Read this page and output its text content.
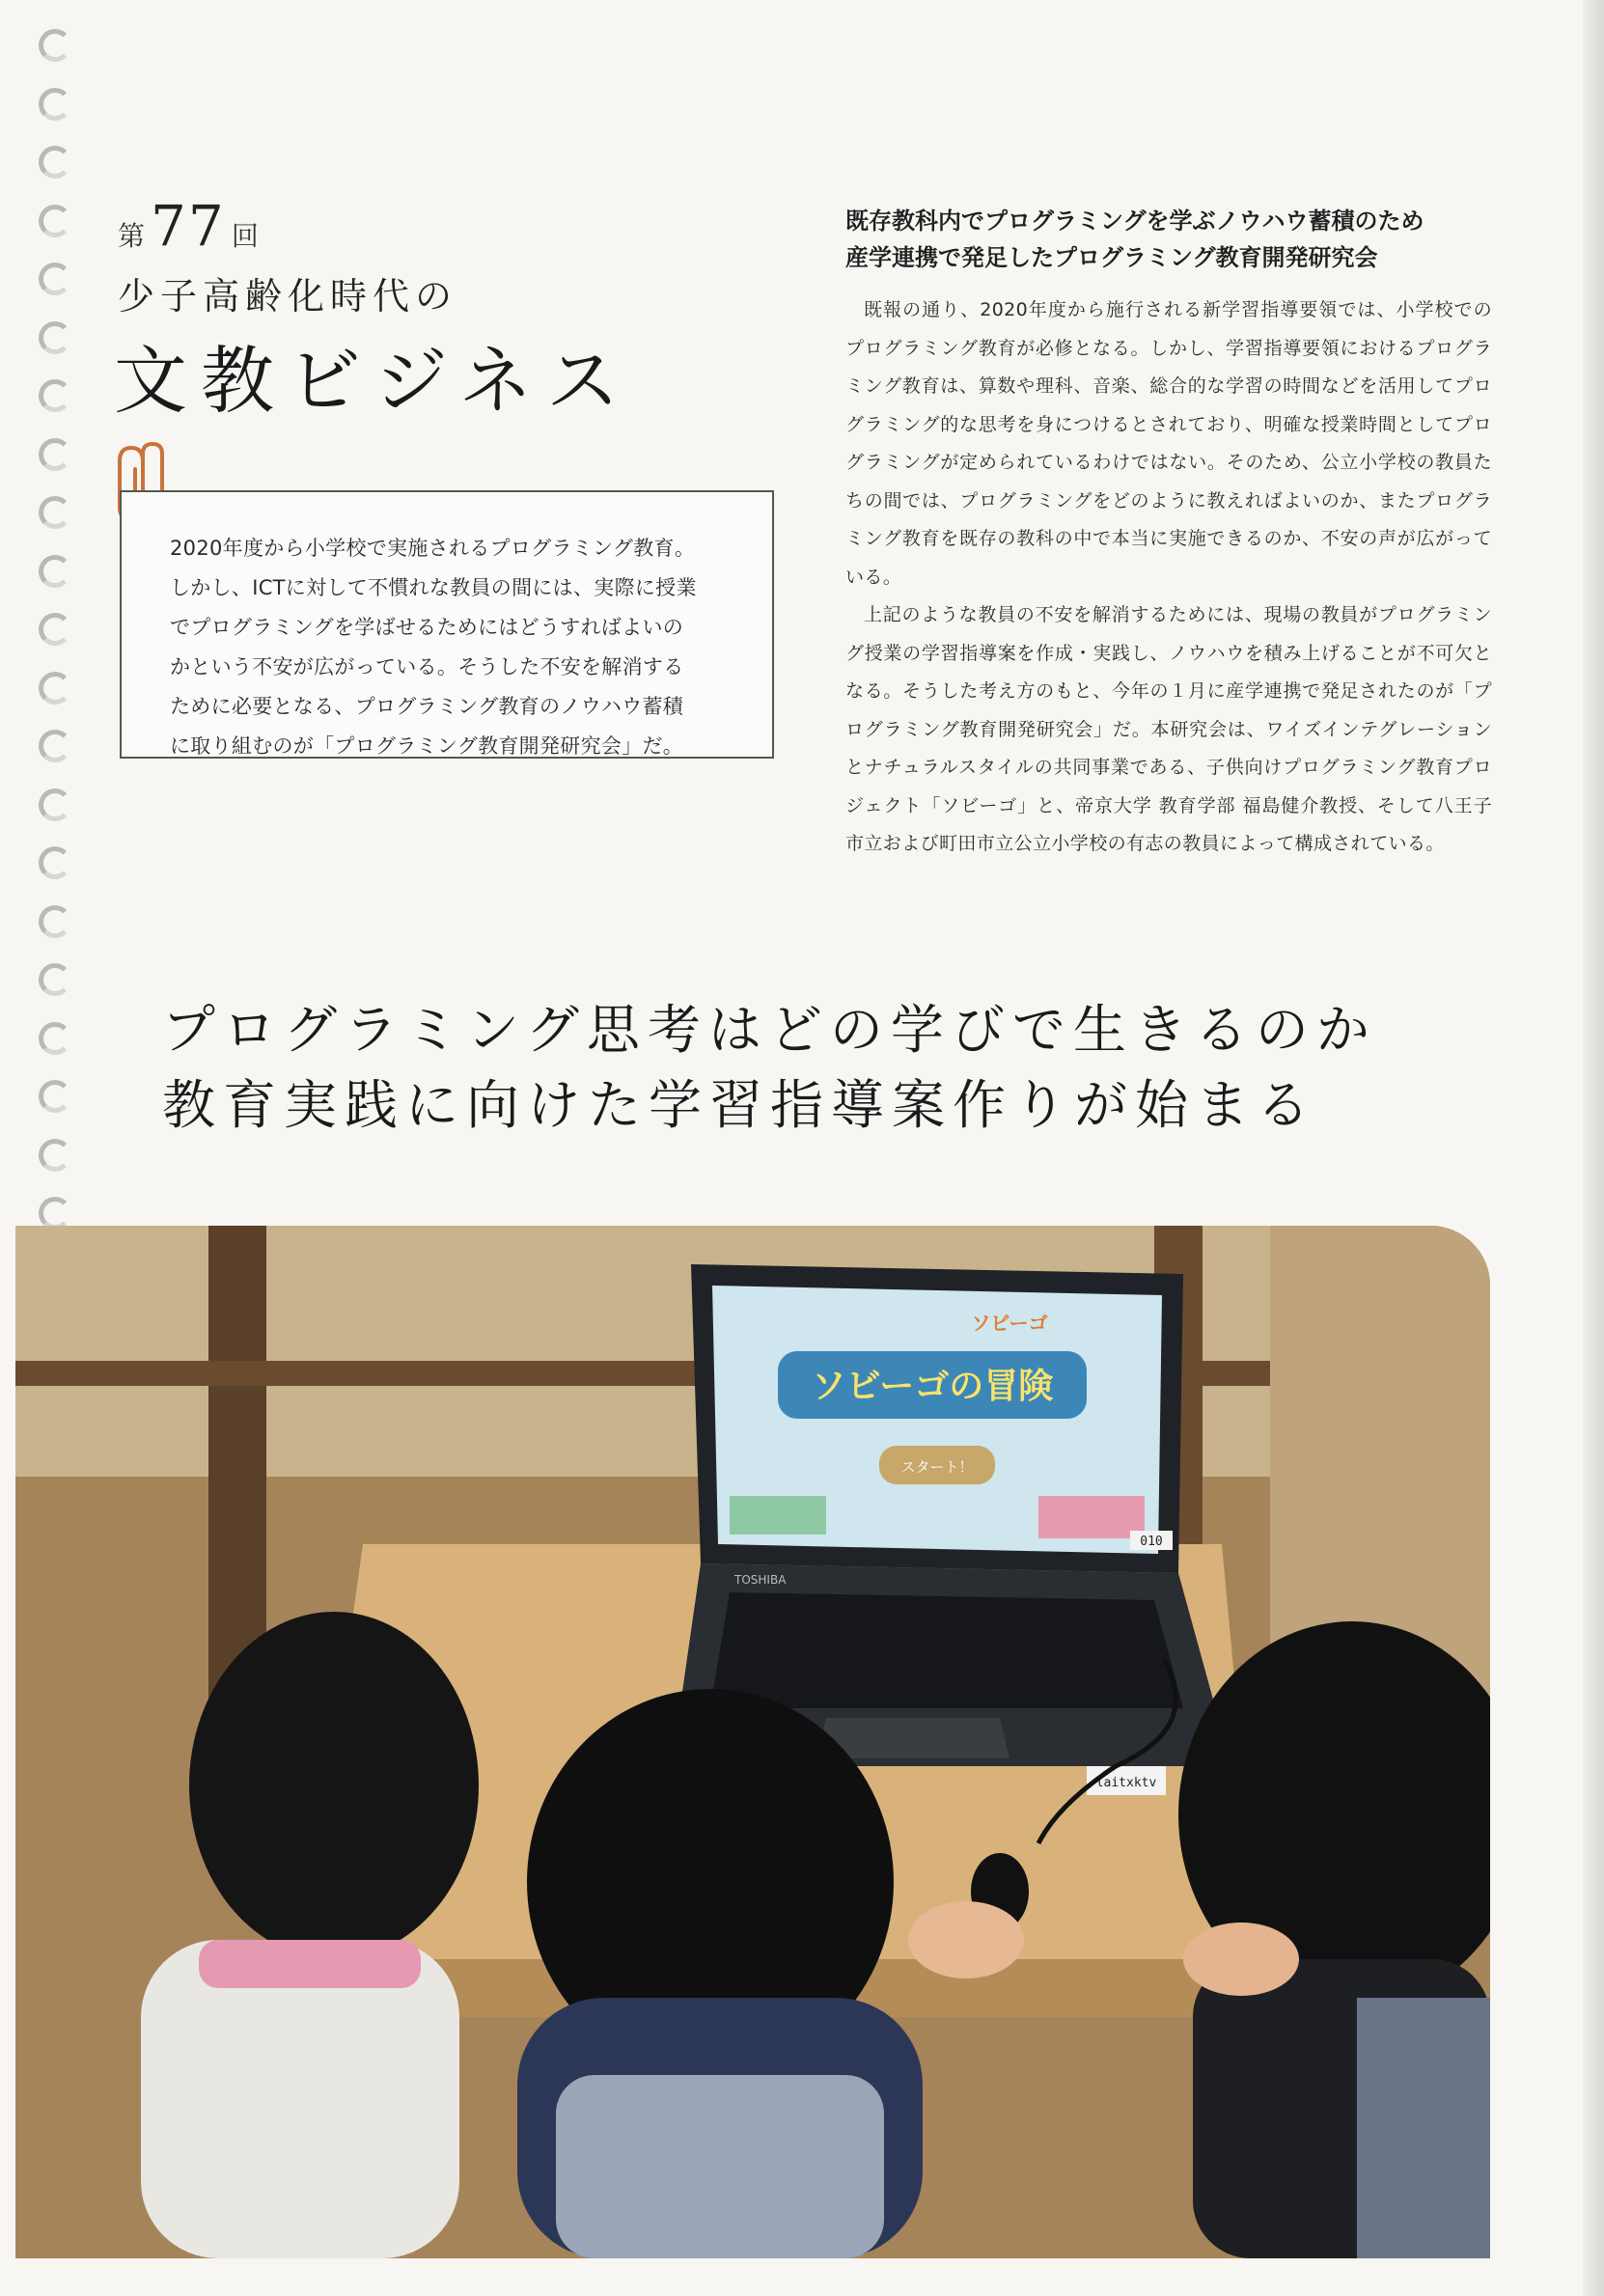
第 77 回
少子高齢化時代の
文教ビジネス

2020年度から小学校で実施されるプログラミング教育。

しかし、ICTに対して不慣れな教員の間には、実際に授業

でプログラミングを学ばせるためにはどうすればよいの

かという不安が広がっている。そうした不安を解消する

ために必要となる、プログラミング教育のノウハウ蓄積

に取り組むのが「プログラミング教育開発研究会」だ。

既存教科内でプログラミングを学ぶノウハウ蓄積のため
産学連携で発足したプログラミング教育開発研究会

既報の通り、2020年度から施行される新学習指導要領では、小学校でのプログラミング教育が必修となる。しかし、学習指導要領におけるプログラミング教育は、算数や理科、音楽、総合的な学習の時間などを活用してプログラミング的な思考を身につけるとされており、明確な授業時間としてプログラミングが定められているわけではない。そのため、公立小学校の教員たちの間では、プログラミングをどのように教えればよいのか、またプログラミング教育を既存の教科の中で本当に実施できるのか、不安の声が広がっている。

上記のような教員の不安を解消するためには、現場の教員がプログラミング授業の学習指導案を作成・実践し、ノウハウを積み上げることが不可欠となる。そうした考え方のもと、今年の１月に産学連携で発足されたのが「プログラミング教育開発研究会」だ。本研究会は、ワイズインテグレーションとナチュラルスタイルの共同事業である、子供向けプログラミング教育プロジェクト「ソビーゴ」と、帝京大学 教育学部 福島健介教授、そして八王子市立および町田市立公立小学校の有志の教員によって構成されている。

プログラミング思考はどの学びで生きるのか
教育実践に向けた学習指導案作りが始まる
ソビーゴの冒険
ソビーゴ
スタート！
TOSHIBA
010
laitxktv
